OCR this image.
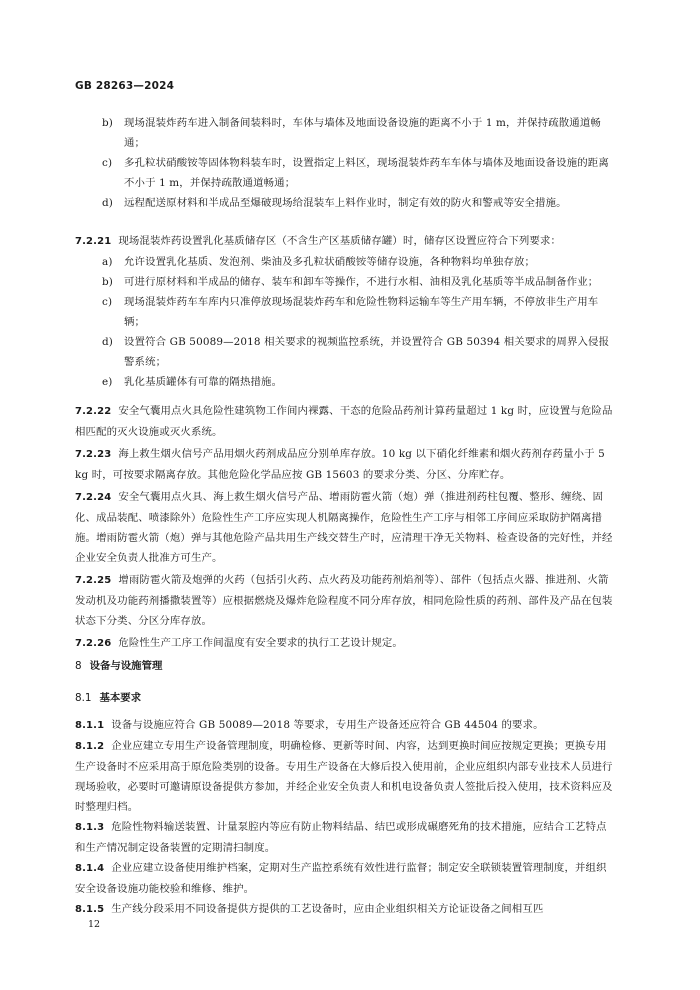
GB 28263—2024
b) 现场混装炸药车进入制备间装料时，车体与墙体及地面设备设施的距离不小于 1 m，并保持疏散通道畅通；
c) 多孔粒状硝酸铵等固体物料装车时，设置指定上料区，现场混装炸药车车体与墙体及地面设备设施的距离不小于 1 m，并保持疏散通道畅通；
d) 远程配送原材料和半成品至爆破现场给混装车上料作业时，制定有效的防火和警戒等安全措施。
7.2.21 现场混装炸药设置乳化基质储存区（不含生产区基质储存罐）时，储存区设置应符合下列要求：
a) 允许设置乳化基质、发泡剂、柴油及多孔粒状硝酸铵等储存设施，各种物料均单独存放；
b) 可进行原材料和半成品的储存、装车和卸车等操作，不进行水相、油相及乳化基质等半成品制备作业；
c) 现场混装炸药车车库内只准停放现场混装炸药车和危险性物料运输车等生产用车辆，不停放非生产用车辆；
d) 设置符合 GB 50089—2018 相关要求的视频监控系统，并设置符合 GB 50394 相关要求的周界入侵报警系统；
e) 乳化基质罐体有可靠的隔热措施。
7.2.22 安全气囊用点火具危险性建筑物工作间内裸露、干态的危险品药剂计算药量超过 1 kg 时，应设置与危险品相匹配的灭火设施或灭火系统。
7.2.23 海上救生烟火信号产品用烟火药剂成品应分别单库存放。10 kg 以下硝化纤维素和烟火药剂存药量小于 5 kg 时，可按要求隔离存放。其他危险化学品应按 GB 15603 的要求分类、分区、分库贮存。
7.2.24 安全气囊用点火具、海上救生烟火信号产品、增雨防雹火箭（炮）弹（推进剂药柱包覆、整形、缠绕、固化、成品装配、喷漆除外）危险性生产工序应实现人机隔离操作，危险性生产工序与相邻工序间应采取防护隔离措施。增雨防雹火箭（炮）弹与其他危险产品共用生产线交替生产时，应清理干净无关物料、检查设备的完好性，并经企业安全负责人批准方可生产。
7.2.25 增雨防雹火箭及炮弹的火药（包括引火药、点火药及功能药剂焰剂等）、部件（包括点火器、推进剂、火箭发动机及功能药剂播撒装置等）应根据燃烧及爆炸危险程度不同分库存放，相同危险性质的药剂、部件及产品在包装状态下分类、分区分库存放。
7.2.26 危险性生产工序工作间温度有安全要求的执行工艺设计规定。
8 设备与设施管理
8.1 基本要求
8.1.1 设备与设施应符合 GB 50089—2018 等要求，专用生产设备还应符合 GB 44504 的要求。
8.1.2 企业应建立专用生产设备管理制度，明确检修、更新等时间、内容，达到更换时间应按规定更换；更换专用生产设备时不应采用高于原危险类别的设备。专用生产设备在大修后投入使用前，企业应组织内部专业技术人员进行现场验收，必要时可邀请原设备提供方参加，并经企业安全负责人和机电设备负责人签批后投入使用，技术资料应及时整理归档。
8.1.3 危险性物料输送装置、计量泵腔内等应有防止物料结晶、结巴或形成碾磨死角的技术措施，应结合工艺特点和生产情况制定设备装置的定期清扫制度。
8.1.4 企业应建立设备使用维护档案，定期对生产监控系统有效性进行监督；制定安全联锁装置管理制度，并组织安全设备设施功能校验和维修、维护。
8.1.5 生产线分段采用不同设备提供方提供的工艺设备时，应由企业组织相关方论证设备之间相互匹
12
